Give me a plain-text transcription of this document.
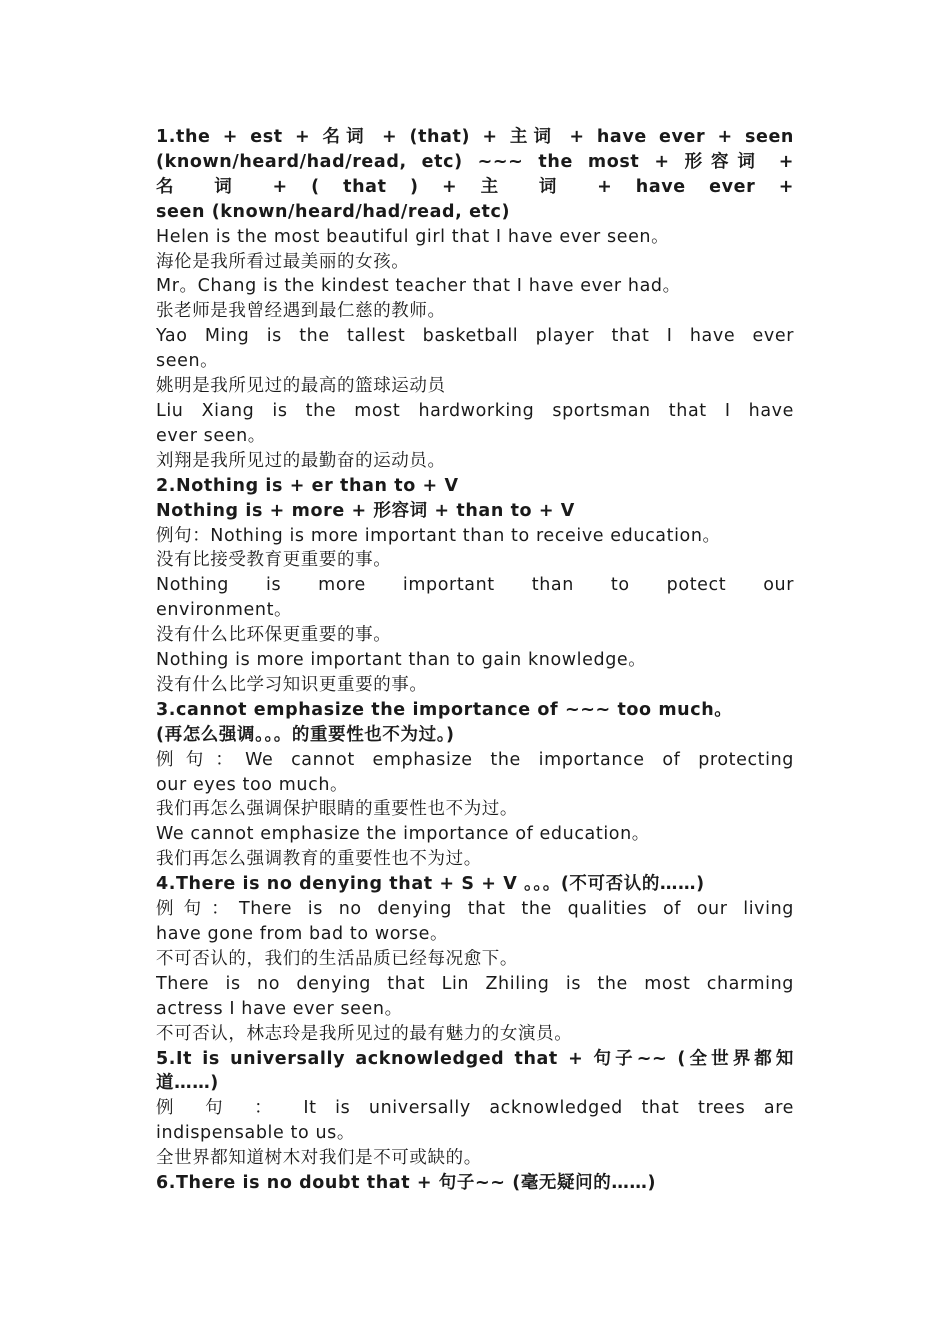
1.the + est + 名词 + (that) + 主词 + have ever + seen
(known/heard/had/read, etc) ~~~ the most + 形容词 +
名 词 + ( that ) + 主 词 + have ever +
seen (known/heard/had/read, etc)
Helen is the most beautiful girl that I have ever seen。
海伦是我所看过最美丽的女孩。
Mr。Chang is the kindest teacher that I have ever had。
张老师是我曾经遇到最仁慈的教师。
Yao Ming is the tallest basketball player that I have ever
seen。
姚明是我所见过的最高的篮球运动员
Liu Xiang is the most hardworking sportsman that I have
ever seen。
刘翔是我所见过的最勤奋的运动员。
2.Nothing is + er than to + V
Nothing is + more + 形容词 + than to + V
例句：Nothing is more important than to receive education。
没有比接受教育更重要的事。
Nothing is more important than to potect our
environment。
没有什么比环保更重要的事。
Nothing is more important than to gain knowledge。
没有什么比学习知识更重要的事。
3.cannot emphasize the importance of ~~~ too much。
(再怎么强调。。。的重要性也不为过。)
例句：We cannot emphasize the importance of protecting
our eyes too much。
我们再怎么强调保护眼睛的重要性也不为过。
We cannot emphasize the importance of education。
我们再怎么强调教育的重要性也不为过。
4.There is no denying that + S + V 。。。(不可否认的……)
例句：There is no denying that the qualities of our living
have gone from bad to worse。
不可否认的，我们的生活品质已经每况愈下。
There is no denying that Lin Zhiling is the most charming
actress I have ever seen。
不可否认，林志玲是我所见过的最有魅力的女演员。
5.It is universally acknowledged that + 句子~~ (全世界都知
道……)
例 句 ： It is universally acknowledged that trees are
indispensable to us。
全世界都知道树木对我们是不可或缺的。
6.There is no doubt that + 句子~~ (毫无疑问的……)
